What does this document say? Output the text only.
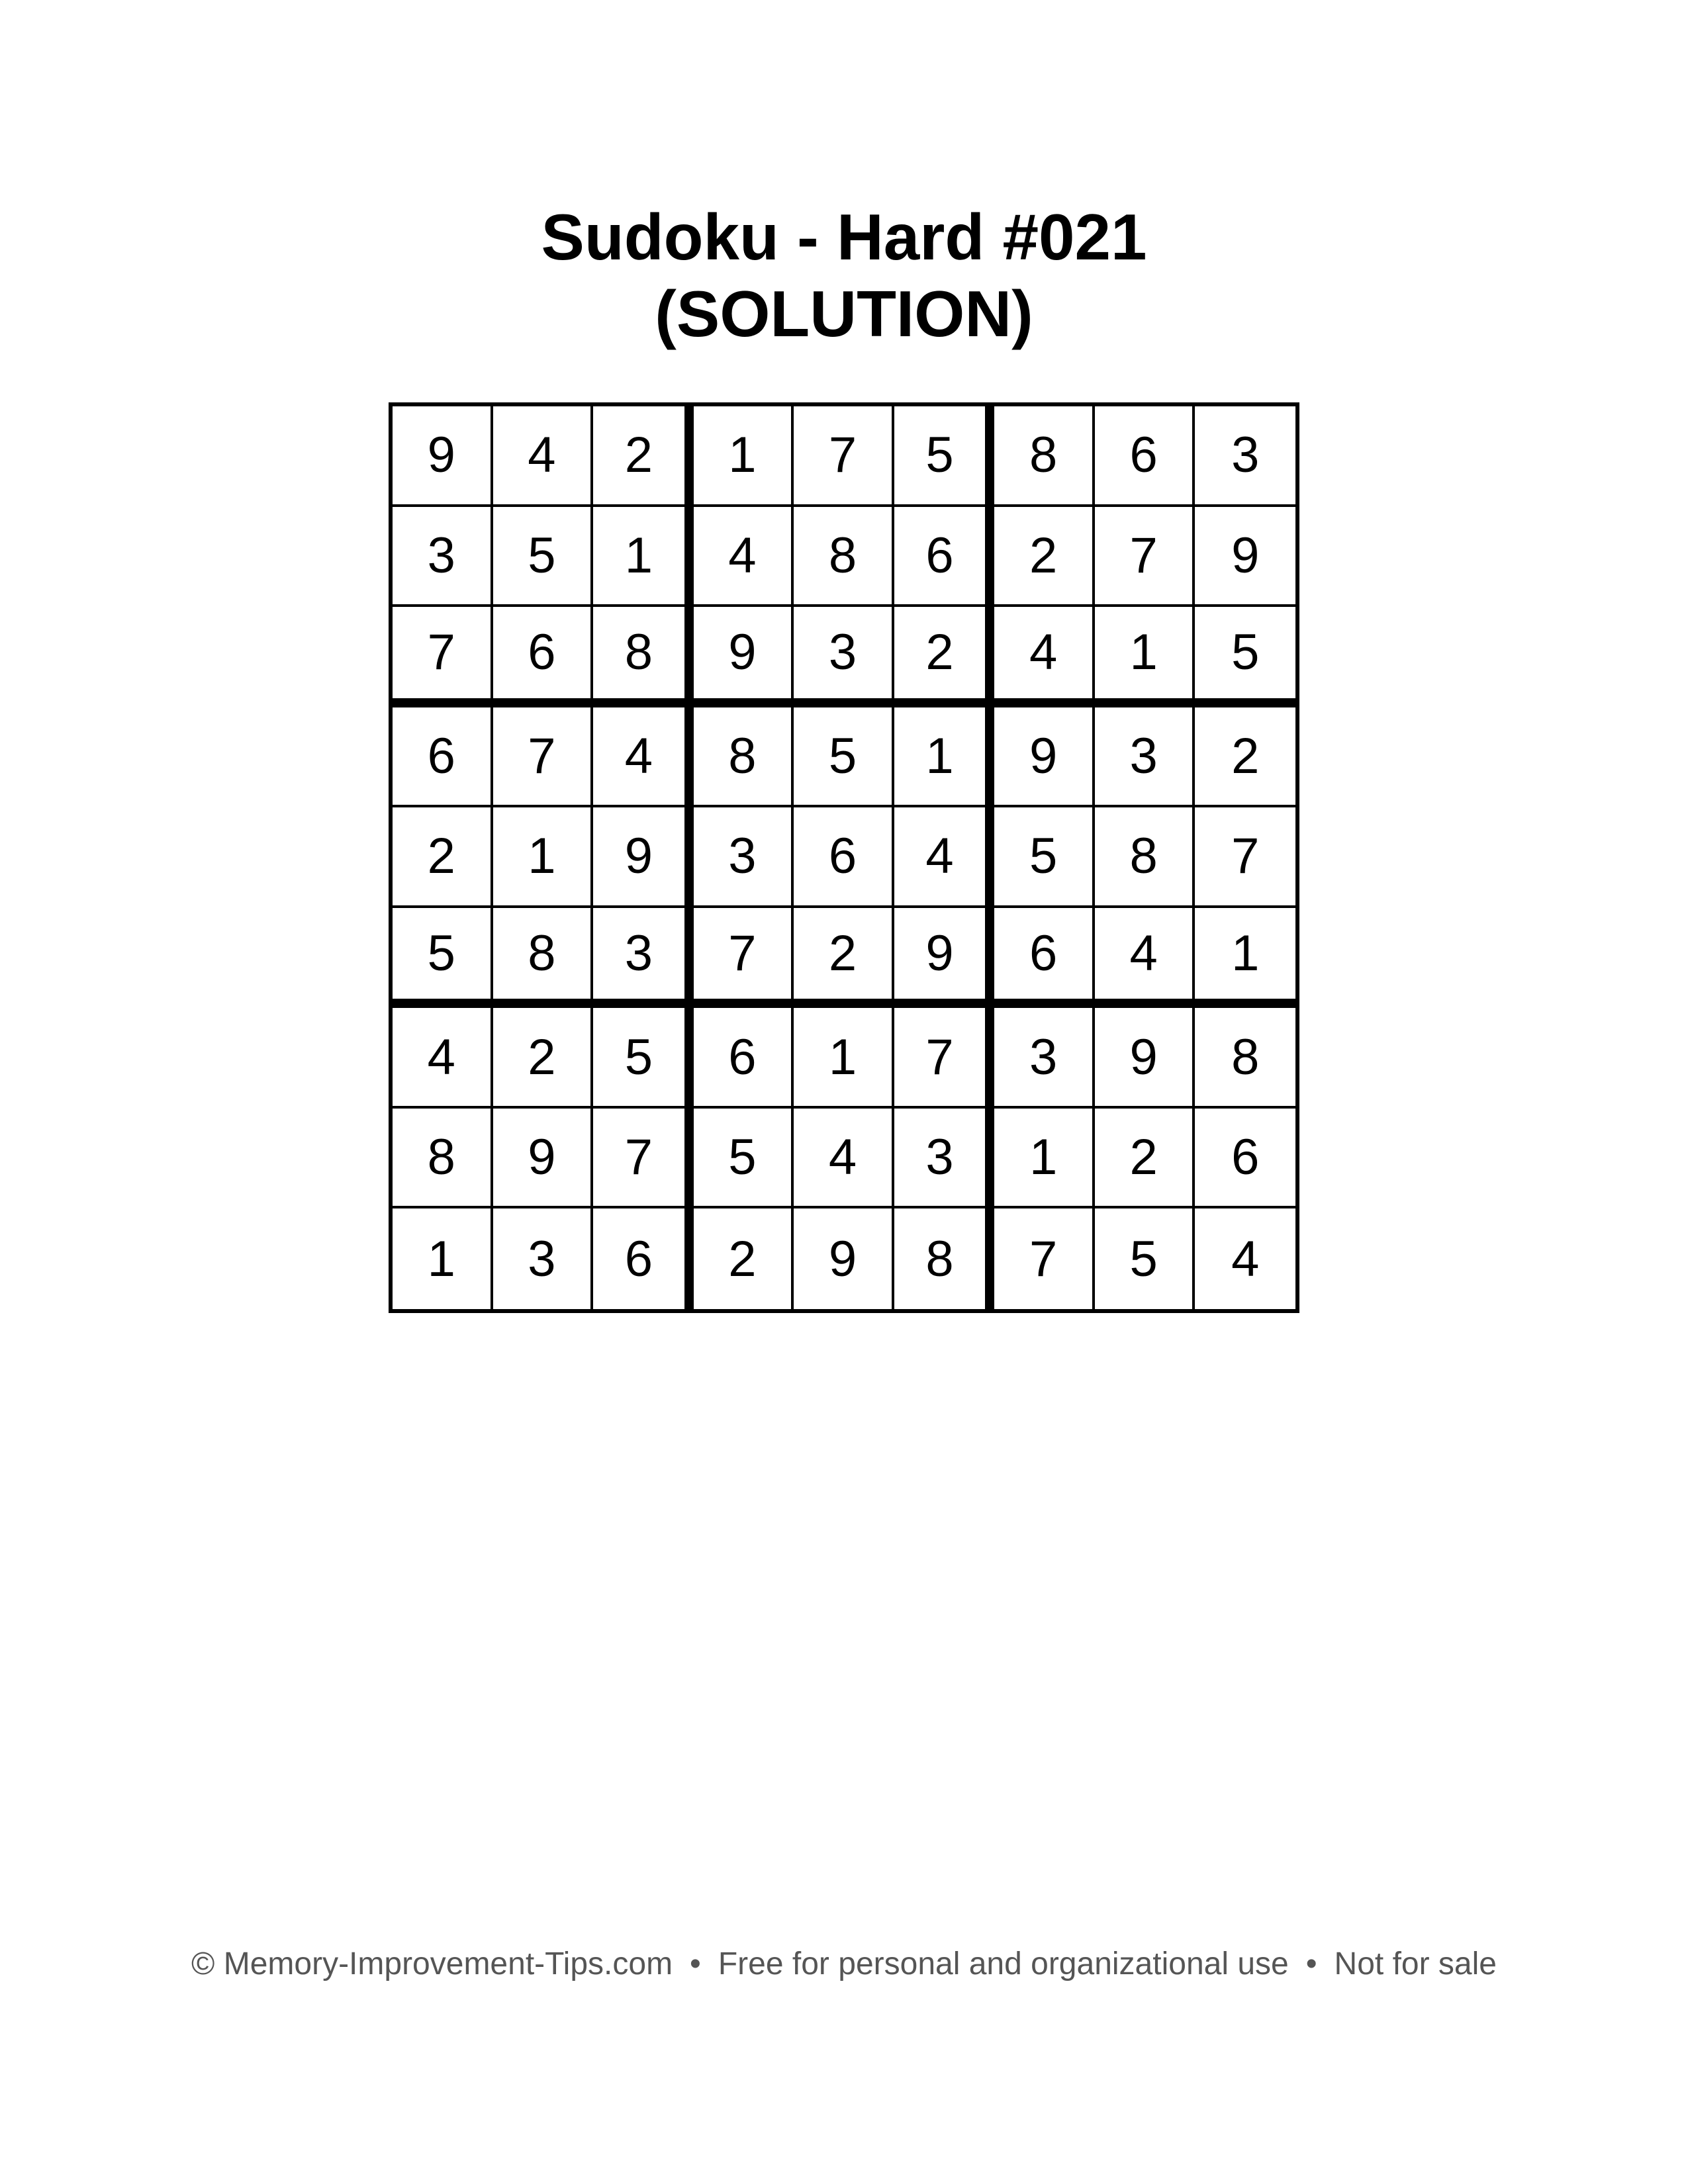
Sudoku - Hard #021
(SOLUTION)
9	4	2	1	7	5	8	6	3
3	5	1	4	8	6	2	7	9
7	6	8	9	3	2	4	1	5
6	7	4	8	5	1	9	3	2
2	1	9	3	6	4	5	8	7
5	8	3	7	2	9	6	4	1
4	2	5	6	1	7	3	9	8
8	9	7	5	4	3	1	2	6
1	3	6	2	9	8	7	5	4
© Memory-Improvement-Tips.com • Free for personal and organizational use • Not for sale
